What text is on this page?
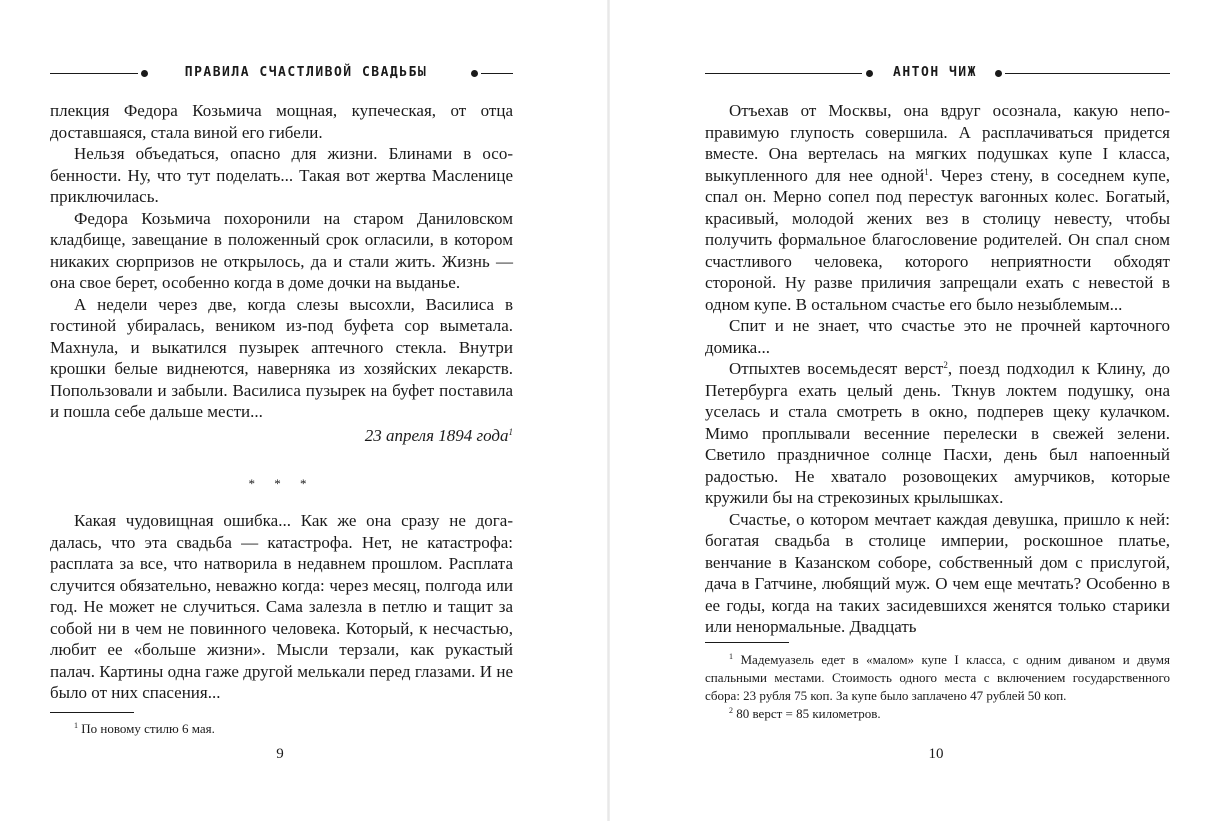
ПРАВИЛА СЧАСТЛИВОЙ СВАДЬБЫ

плекция Федора Козьмича мощная, купеческая, от отца доставшаяся, стала виной его гибели.

Нельзя объедаться, опасно для жизни. Блинами в особенности. Ну, что тут поделать... Такая вот жертва Масленице приключилась.

Федора Козьмича похоронили на старом Даниловском кладбище, завещание в положенный срок огласили, в котором никаких сюрпризов не открылось, да и стали жить. Жизнь — она свое берет, особенно когда в доме дочки на выданье.

А недели через две, когда слезы высохли, Василиса в гостиной убиралась, веником из-под буфета сор выметала. Махнула, и выкатился пузырек аптечного стекла. Внутри крошки белые виднеются, наверняка из хозяйских лекарств. Попользовали и забыли. Василиса пузырек на буфет поставила и пошла себе дальше мести...

23 апреля 1894 года$^1$

* * *

Какая чудовищная ошибка... Как же она сразу не догадалась, что эта свадьба — катастрофа. Нет, не катастрофа: расплата за все, что натворила в недавнем прошлом. Расплата случится обязательно, неважно когда: через месяц, полгода или год. Не может не случиться. Сама залезла в петлю и тащит за собой ни в чем не повинного человека. Который, к несчастью, любит ее «больше жизни». Мысли терзали, как рукастый палач. Картины одна гаже другой мелькали перед глазами. И не было от них спасения...

$^1$ По новому стилю 6 мая.

9
АНТОН ЧИЖ

Отъехав от Москвы, она вдруг осознала, какую непоправимую глупость совершила. А расплачиваться придется вместе. Она вертелась на мягких подушках купе I класса, выкупленного для нее одной$^1$. Через стену, в соседнем купе, спал он. Мерно сопел под перестук вагонных колес. Богатый, красивый, молодой жених вез в столицу невесту, чтобы получить формальное благословение родителей. Он спал сном счастливого человека, которого неприятности обходят стороной. Ну разве приличия запрещали ехать с невестой в одном купе. В остальном счастье его было незыблемым...

Спит и не знает, что счастье это не прочней карточного домика...

Отпыхтев восемьдесят верст$^2$, поезд подходил к Клину, до Петербурга ехать целый день. Ткнув локтем подушку, она уселась и стала смотреть в окно, подперев щеку кулачком. Мимо проплывали весенние перелески в свежей зелени. Светило праздничное солнце Пасхи, день был напоенный радостью. Не хватало розовощеких амурчиков, которые кружили бы на стрекозиных крылышках.

Счастье, о котором мечтает каждая девушка, пришло к ней: богатая свадьба в столице империи, роскошное платье, венчание в Казанском соборе, собственный дом с прислугой, дача в Гатчине, любящий муж. О чем еще мечтать? Особенно в ее годы, когда на таких засидевшихся женятся только старики или ненормальные. Двадцать

$^1$ Мадемуазель едет в «малом» купе I класса, с одним диваном и двумя спальными местами. Стоимость одного места с включением государственного сбора: 23 рубля 75 коп. За купе было заплачено 47 рублей 50 коп.

$^2$ 80 верст = 85 километров.

10
